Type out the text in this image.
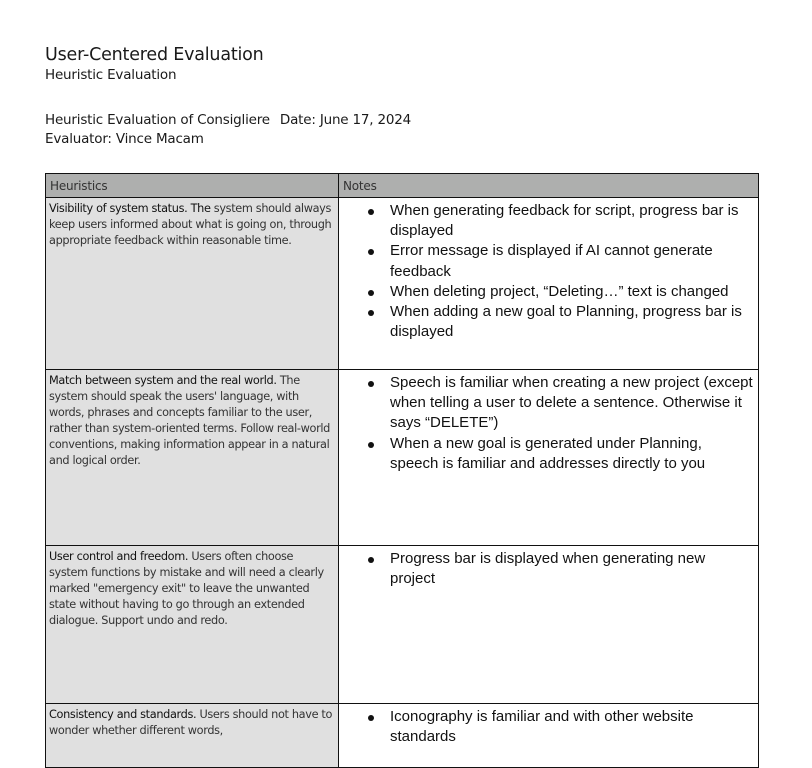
User-Centered Evaluation
Heuristic Evaluation
Heuristic Evaluation of Consigliere Date: June 17, 2024
Evaluator: Vince Macam
Heuristics	Notes
Visibility of system status. The system should always keep users informed about what is going on, through appropriate feedback within reasonable time.	
When generating feedback for script, progress bar is displayed
Error message is displayed if AI cannot generate feedback
When deleting project, “Deleting…” text is changed
When adding a new goal to Planning, progress bar is displayed

Match between system and the real world. The system should speak the users' language, with words, phrases and concepts familiar to the user, rather than system-oriented terms. Follow real-world conventions, making information appear in a natural and logical order.	
Speech is familiar when creating a new project (except when telling a user to delete a sentence. Otherwise it says “DELETE”)
When a new goal is generated under Planning, speech is familiar and addresses directly to you

User control and freedom. Users often choose system functions by mistake and will need a clearly marked "emergency exit" to leave the unwanted state without having to go through an extended dialogue. Support undo and redo.	
Progress bar is displayed when generating new project

Consistency and standards. Users should not have to wonder whether different words,	
Iconography is familiar and with other website standards
